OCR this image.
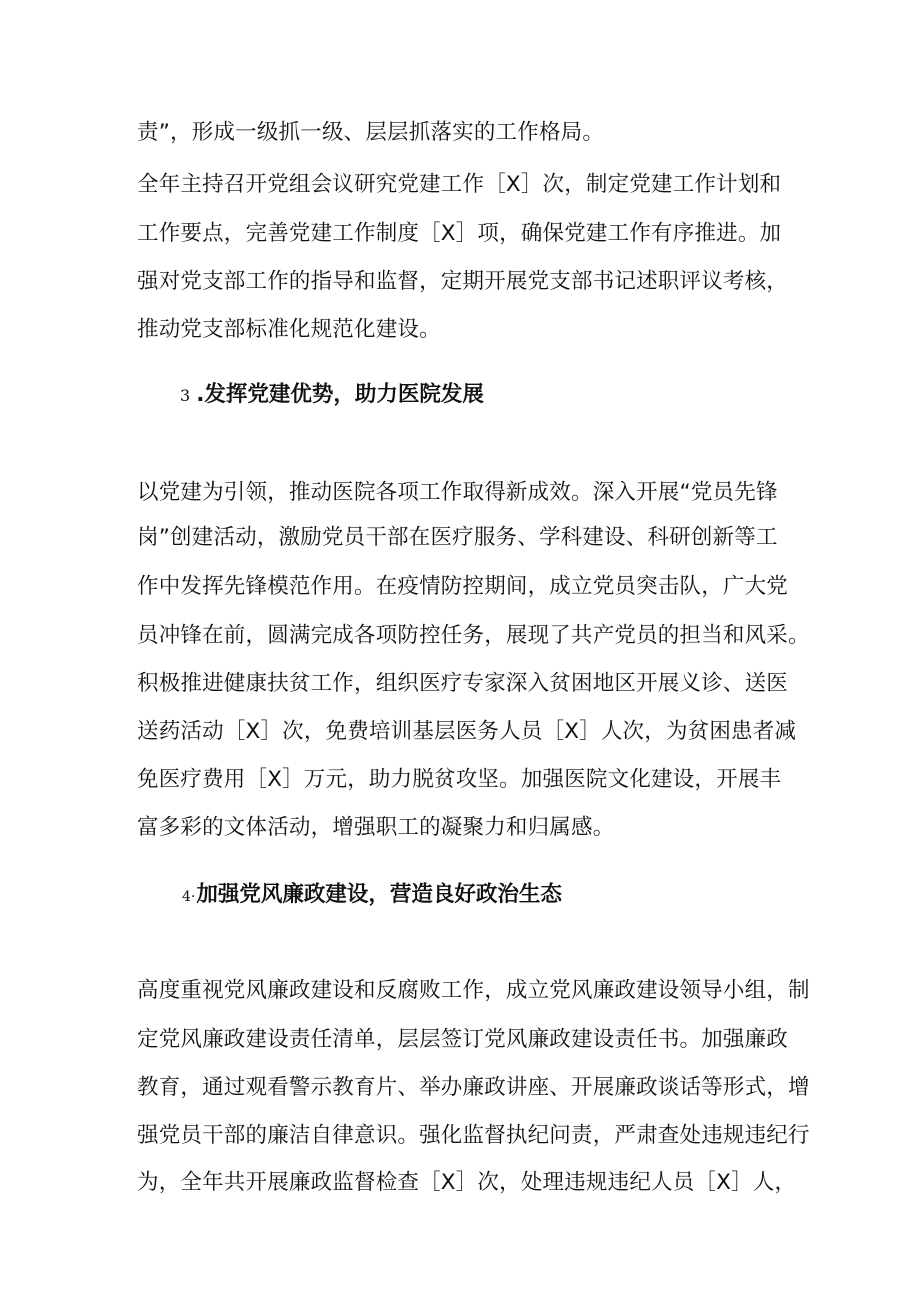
责”，形成一级抓一级、层层抓落实的工作格局。
全年主持召开党组会议研究党建工作［X］次，制定党建工作计划和
工作要点，完善党建工作制度［X］项，确保党建工作有序推进。加
强对党支部工作的指导和监督，定期开展党支部书记述职评议考核，
推动党支部标准化规范化建设。
3 .发挥党建优势，助力医院发展
以党建为引领，推动医院各项工作取得新成效。深入开展“党员先锋
岗”创建活动，激励党员干部在医疗服务、学科建设、科研创新等工
作中发挥先锋模范作用。在疫情防控期间，成立党员突击队，广大党
员冲锋在前，圆满完成各项防控任务，展现了共产党员的担当和风采。
积极推进健康扶贫工作，组织医疗专家深入贫困地区开展义诊、送医
送药活动［X］次，免费培训基层医务人员［X］人次，为贫困患者减
免医疗费用［X］万元，助力脱贫攻坚。加强医院文化建设，开展丰
富多彩的文体活动，增强职工的凝聚力和归属感。
4·加强党风廉政建设，营造良好政治生态
高度重视党风廉政建设和反腐败工作，成立党风廉政建设领导小组，制
定党风廉政建设责任清单，层层签订党风廉政建设责任书。加强廉政
教育，通过观看警示教育片、举办廉政讲座、开展廉政谈话等形式，增
强党员干部的廉洁自律意识。强化监督执纪问责，严肃查处违规违纪行
为，全年共开展廉政监督检查［X］次，处理违规违纪人员［X］人，
